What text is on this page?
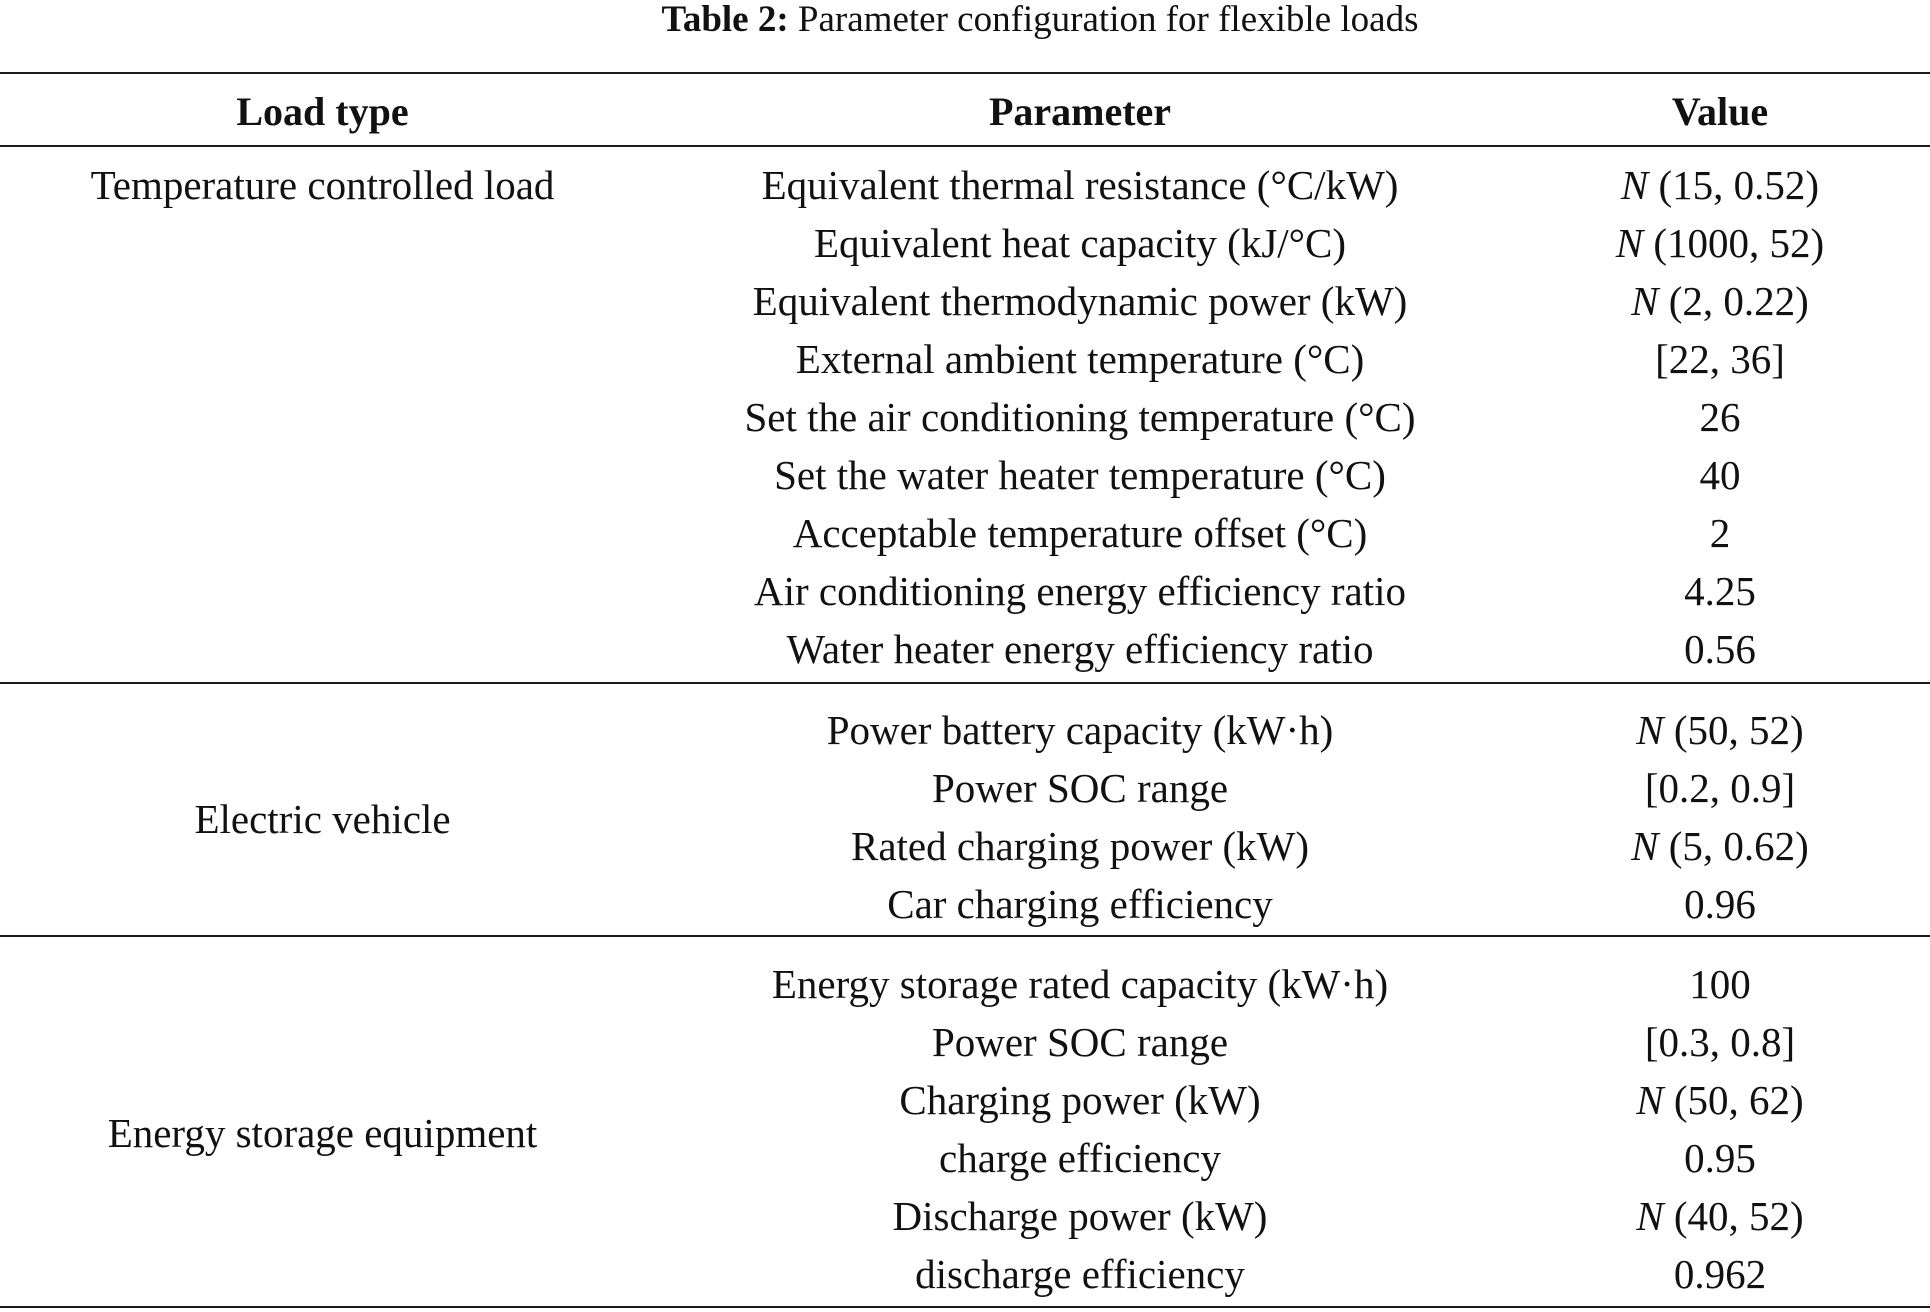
Table 2: Parameter configuration for flexible loads
Load type	Parameter	Value
Temperature controlled load	Equivalent thermal resistance (°C/kW)	N (15, 0.52)
Equivalent heat capacity (kJ/°C)	N (1000, 52)
Equivalent thermodynamic power (kW)	N (2, 0.22)
External ambient temperature (°C)	[22, 36]
Set the air conditioning temperature (°C)	26
Set the water heater temperature (°C)	40
Acceptable temperature offset (°C)	2
Air conditioning energy efficiency ratio	4.25
Water heater energy efficiency ratio	0.56
Electric vehicle
Power battery capacity (kW·h)	N (50, 52)
Power SOC range	[0.2, 0.9]
Rated charging power (kW)	N (5, 0.62)
Car charging efficiency	0.96
Energy storage equipment
Energy storage rated capacity (kW·h)	100
Power SOC range	[0.3, 0.8]
Charging power (kW)	N (50, 62)
charge efficiency	0.95
Discharge power (kW)	N (40, 52)
discharge efficiency	0.962
